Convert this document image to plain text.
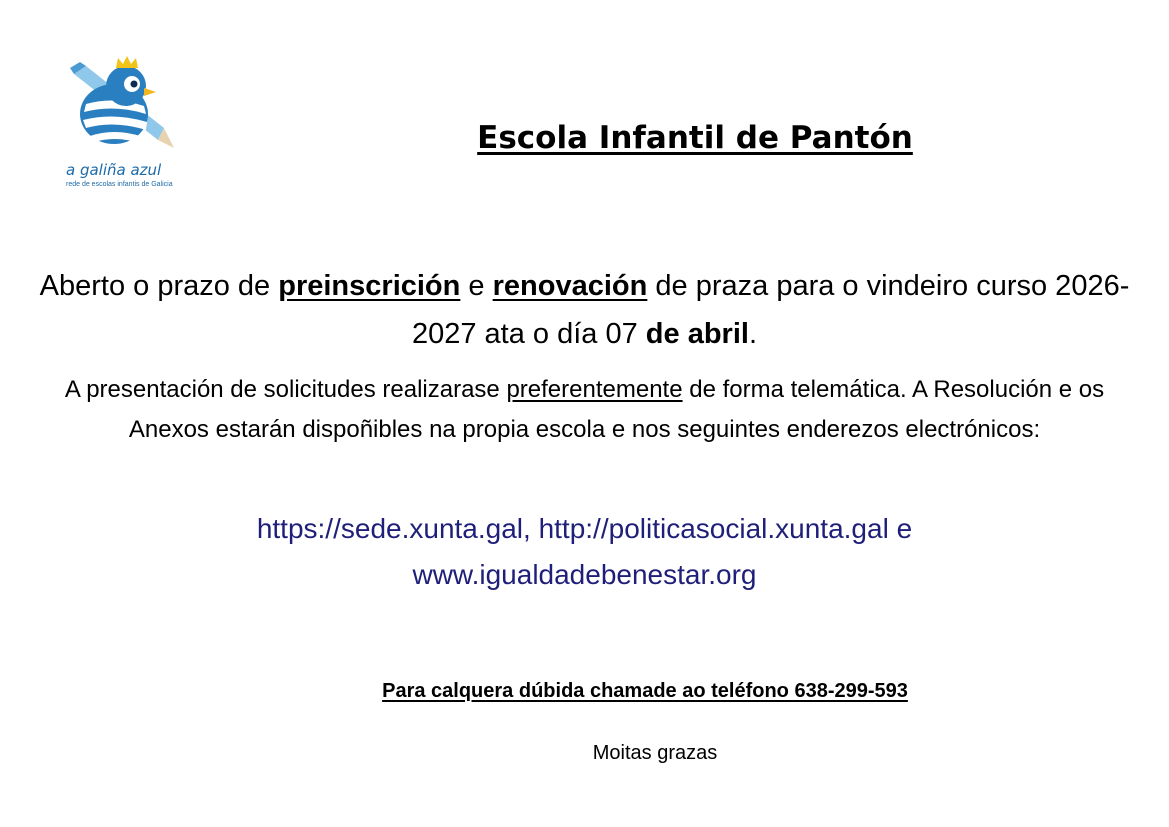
a galiña azul
rede de escolas infantis de Galicia
Escola Infantil de Pantón
Aberto o prazo de preinscrición e renovación de praza para o vindeiro curso 2026-2027 ata o día 07 de abril.
A presentación de solicitudes realizarase preferentemente de forma telemática. A Resolución e os Anexos estarán dispoñibles na propia escola e nos seguintes enderezos electrónicos:
https://sede.xunta.gal, http://politicasocial.xunta.gal e
www.igualdadebenestar.org
Para calquera dúbida chamade ao teléfono 638-299-593
Moitas grazas
